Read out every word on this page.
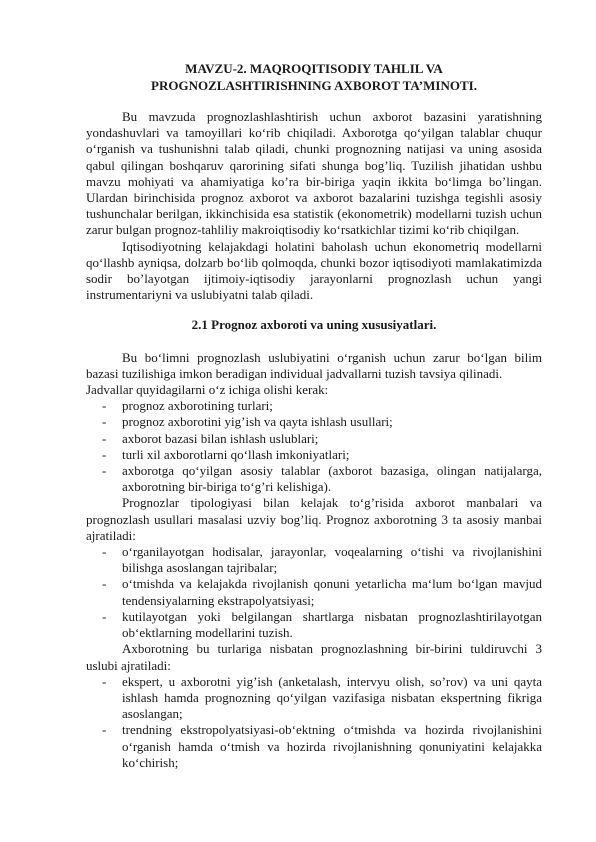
MAVZU-2. MAQROQITISODIY TAHLIL VA
PROGNOZLASHTIRISHNING AXBOROT TA’MINOTI.

Bu mavzuda prognozlashlashtirish uchun axborot bazasini yaratishning yondashuvlari va tamoyillari ko‘rib chiqiladi. Axborotga qo‘yilgan talablar chuqur o‘rganish va tushunishni talab qiladi, chunki prognozning natijasi va uning asosida qabul qilingan boshqaruv qarorining sifati shunga bog’liq. Tuzilish jihatidan ushbu mavzu mohiyati va ahamiyatiga ko’ra bir-biriga yaqin ikkita bo‘limga bo’lingan. Ulardan birinchisida prognoz axborot va axborot bazalarini tuzishga tegishli asosiy tushunchalar berilgan, ikkinchisida esa statistik (ekonometrik) modellarni tuzish uchun zarur bulgan prognoz-tahliliy makroiqtisodiy ko‘rsatkichlar tizimi ko‘rib chiqilgan.

Iqtisodiyotning kelajakdagi holatini baholash uchun ekonometriq modellarni qo‘llashb ayniqsa, dolzarb bo‘lib qolmoqda, chunki bozor iqtisodiyoti mamlakatimizda sodir bo’layotgan ijtimoiy-iqtisodiy jarayonlarni prognozlash uchun yangi instrumentariyni va uslubiyatni talab qiladi.

2.1 Prognoz axboroti va uning xususiyatlari.

Bu bo‘limni prognozlash uslubiyatini o‘rganish uchun zarur bo‘lgan bilim bazasi tuzilishiga imkon beradigan individual jadvallarni tuzish tavsiya qilinadi.

Jadvallar quyidagilarni o‘z ichiga olishi kerak:

- prognoz axborotining turlari;
- prognoz axborotini yig’ish va qayta ishlash usullari;
- axborot bazasi bilan ishlash uslublari;
- turli xil axborotlarni qo‘llash imkoniyatlari;
- axborotga qo‘yilgan asosiy talablar (axborot bazasiga, olingan natijalarga, axborotning bir-biriga to‘g’ri kelishiga).

Prognozlar tipologiyasi bilan kelajak to‘g’risida axborot manbalari va prognozlash usullari masalasi uzviy bog’liq. Prognoz axborotning 3 ta asosiy manbai ajratiladi:

- o‘rganilayotgan hodisalar, jarayonlar, voqealarning o‘tishi va rivojlanishini bilishga asoslangan tajribalar;
- o‘tmishda va kelajakda rivojlanish qonuni yetarlicha ma‘lum bo‘lgan mavjud tendensiyalarning ekstrapolyatsiyasi;
- kutilayotgan yoki belgilangan shartlarga nisbatan prognozlashtirilayotgan ob‘ektlarning modellarini tuzish.

Axborotning bu turlariga nisbatan prognozlashning bir-birini tuldiruvchi 3 uslubi ajratiladi:

- ekspert, u axborotni yig’ish (anketalash, intervyu olish, so’rov) va uni qayta ishlash hamda prognozning qo‘yilgan vazifasiga nisbatan ekspertning fikriga asoslangan;
- trendning ekstropolyatsiyasi-ob‘ektning o‘tmishda va hozirda rivojlanishini o‘rganish hamda o‘tmish va hozirda rivojlanishning qonuniyatini kelajakka ko‘chirish;
